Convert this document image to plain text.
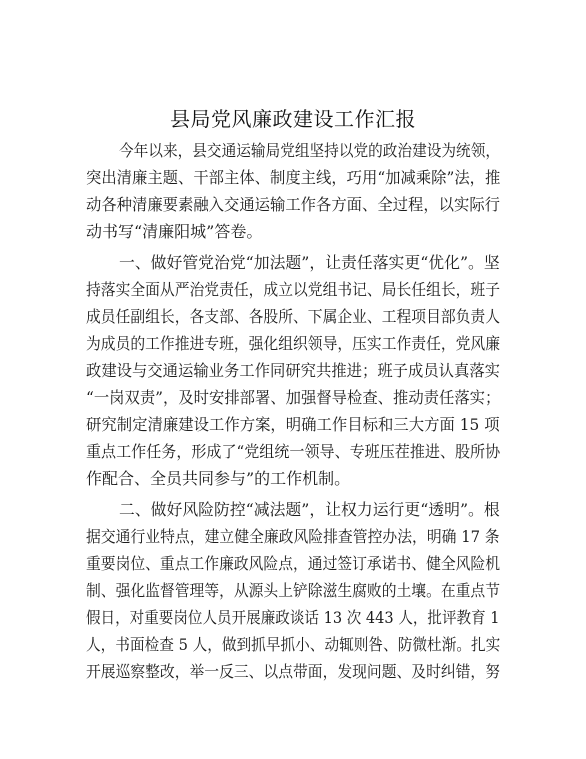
县局党风廉政建设工作汇报
今年以来，县交通运输局党组坚持以党的政治建设为统领，
突出清廉主题、干部主体、制度主线，巧用“加减乘除”法，推
动各种清廉要素融入交通运输工作各方面、全过程，以实际行
动书写“清廉阳城”答卷。
一、做好管党治党“加法题”，让责任落实更“优化”。坚
持落实全面从严治党责任，成立以党组书记、局长任组长，班子
成员任副组长，各支部、各股所、下属企业、工程项目部负责人
为成员的工作推进专班，强化组织领导，压实工作责任，党风廉
政建设与交通运输业务工作同研究共推进；班子成员认真落实
“一岗双责”，及时安排部署、加强督导检查、推动责任落实；
研究制定清廉建设工作方案，明确工作目标和三大方面 15 项
重点工作任务，形成了“党组统一领导、专班压茬推进、股所协
作配合、全员共同参与”的工作机制。
二、做好风险防控“减法题”，让权力运行更“透明”。根
据交通行业特点，建立健全廉政风险排查管控办法，明确 17 条
重要岗位、重点工作廉政风险点，通过签订承诺书、健全风险机
制、强化监督管理等，从源头上铲除滋生腐败的土壤。在重点节
假日，对重要岗位人员开展廉政谈话 13 次 443 人，批评教育 1
人，书面检查 5 人，做到抓早抓小、动辄则咎、防微杜渐。扎实
开展巡察整改，举一反三、以点带面，发现问题、及时纠错，努
